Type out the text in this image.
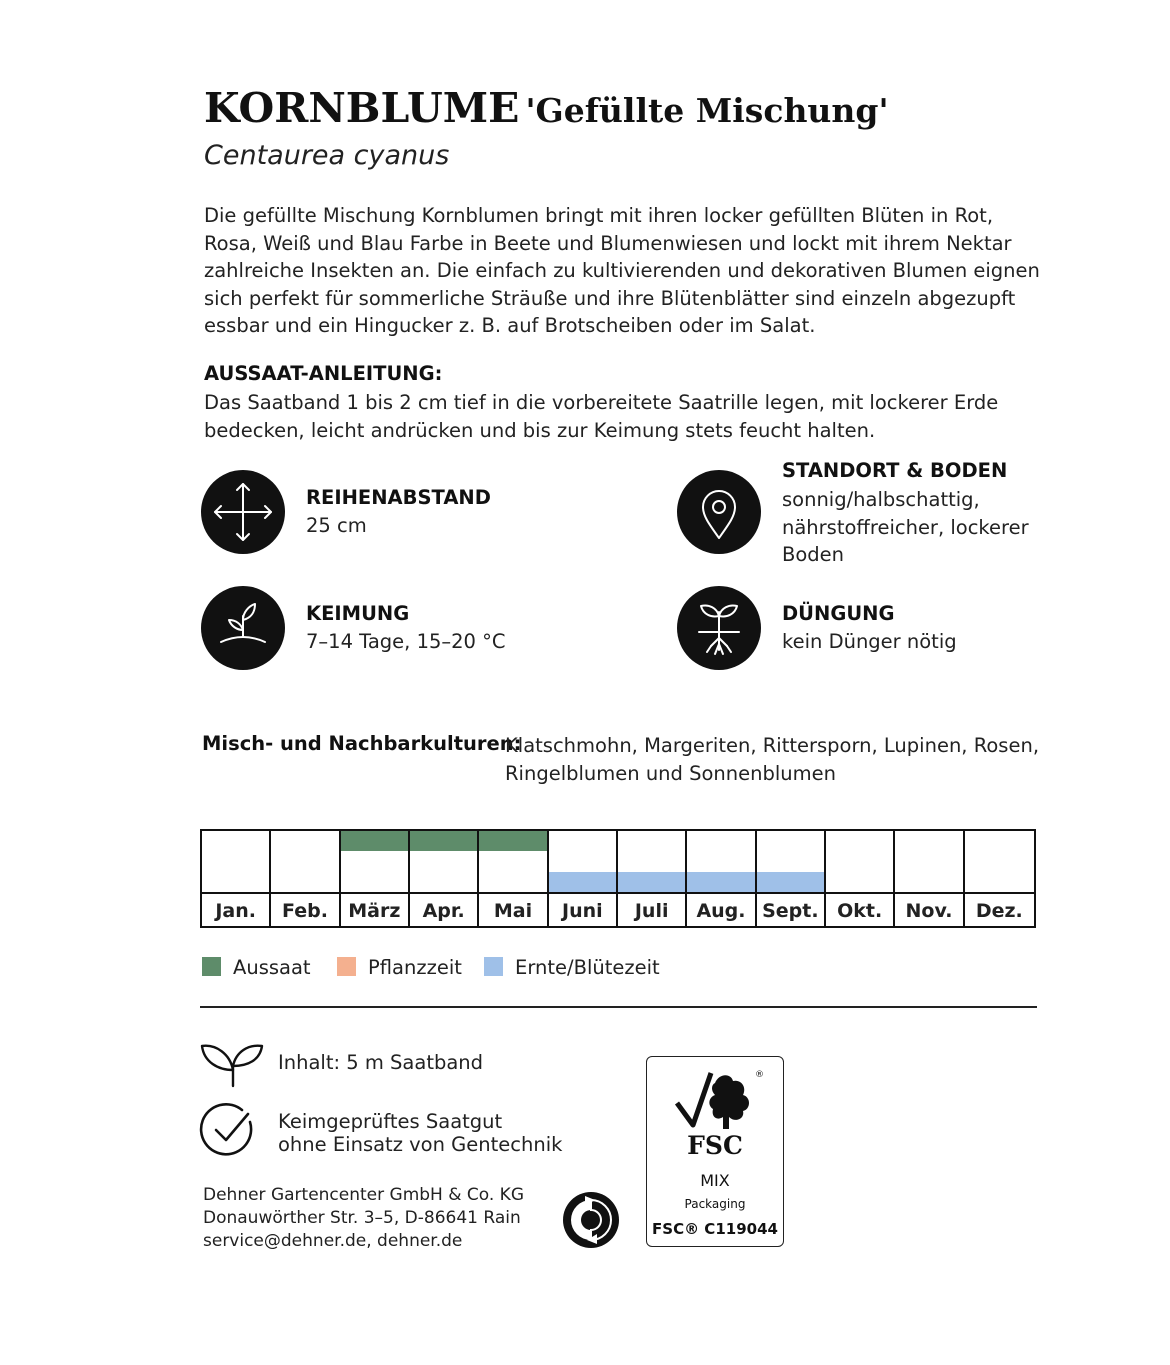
KORNBLUME 'Gefüllte Mischung'
Centaurea cyanus
Die gefüllte Mischung Kornblumen bringt mit ihren locker gefüllten Blüten in Rot, Rosa, Weiß und Blau Farbe in Beete und Blumenwiesen und lockt mit ihrem Nektar zahlreiche Insekten an. Die einfach zu kultivierenden und dekorativen Blumen eignen sich perfekt für sommerliche Sträuße und ihre Blütenblätter sind einzeln abgezupft essbar und ein Hingucker z. B. auf Brotscheiben oder im Salat.
AUSSAAT-ANLEITUNG:
Das Saatband 1 bis 2 cm tief in die vorbereitete Saatrille legen, mit lockerer Erde bedecken, leicht andrücken und bis zur Keimung stets feucht halten.
REIHENABSTAND
25 cm
STANDORT & BODEN
sonnig/halbschattig, nährstoffreicher, lockerer Boden
KEIMUNG
7–14 Tage, 15–20 °C
DÜNGUNG
kein Dünger nötig
Misch- und Nachbarkulturen:
Klatschmohn, Margeriten, Rittersporn, Lupinen, Rosen, Ringelblumen und Sonnenblumen
Jan.	Feb.	März	Apr.	Mai	Juni	Juli	Aug. Sept. Okt.	Nov.	Dez.
Aussaat	Pflanzzeit	Ernte/Blütezeit
Inhalt: 5 m Saatband
Keimgeprüftes Saatgut
ohne Einsatz von Gentechnik
Dehner Gartencenter GmbH & Co. KG
Donauwörther Str. 3–5, D-86641 Rain
service@dehner.de, dehner.de
®
FSC
MIX
Packaging
FSC® C119044
